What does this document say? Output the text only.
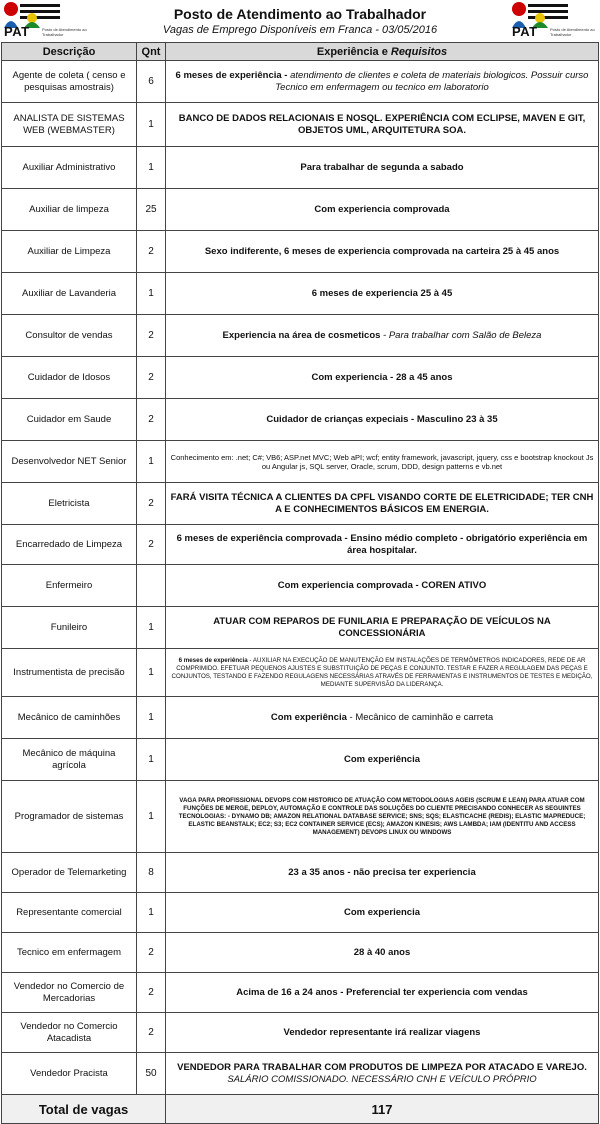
PAT	Posto de Atendimento ao Trabalhador
Posto de Atendimento ao Trabalhador
Vagas de Emprego Disponíveis em Franca - 03/05/2016	PAT	Posto de Atendimento ao Trabalhador
Descrição	Qnt	Experiência e Requisitos
Agente de coleta ( censo e pesquisas amostrais)	6	6 meses de experiência - atendimento de clientes e coleta de materiais biologicos. Possuir curso Tecnico em enfermagem ou tecnico em laboratorio
ANALISTA DE SISTEMAS WEB (WEBMASTER)	1	BANCO DE DADOS RELACIONAIS E NOSQL. EXPERIÊNCIA COM ECLIPSE, MAVEN E GIT, OBJETOS UML, ARQUITETURA SOA.
Auxiliar Administrativo	1	Para trabalhar de segunda a sabado
Auxiliar de limpeza	25	Com experiencia comprovada
Auxiliar de Limpeza	2	Sexo indiferente, 6 meses de experiencia comprovada na carteira 25 à 45 anos
Auxiliar de Lavanderia	1	6 meses de experiencia 25 à 45
Consultor de vendas	2	Experiencia na área de cosmeticos - Para trabalhar com Salão de Beleza
Cuidador de Idosos	2	Com experiencia - 28 a 45 anos
Cuidador em Saude	2	Cuidador de crianças expeciais - Masculino 23 à 35
Desenvolvedor NET Senior	1	Conhecimento em: .net; C#; VB6; ASP.net MVC; Web aPI; wcf; entity framework, javascript, jquery, css e bootstrap knockout Js ou Angular js, SQL server, Oracle, scrum, DDD, design patterns e vb.net
Eletricista	2	FARÁ VISITA TÉCNICA A CLIENTES DA CPFL VISANDO CORTE DE ELETRICIDADE; TER CNH A E CONHECIMENTOS BÁSICOS EM ENERGIA.
Encarredado de Limpeza	2	6 meses de experiência comprovada - Ensino médio completo - obrigatório experiência em área hospitalar.
Enfermeiro		Com experiencia comprovada - COREN ATIVO
Funileiro	1	ATUAR COM REPAROS DE FUNILARIA E PREPARAÇÃO DE VEÍCULOS NA CONCESSIONÁRIA
Instrumentista de precisão	1	6 meses de experiência - AUXILIAR NA EXECUÇÃO DE MANUTENÇÃO EM INSTALAÇÕES DE TERMÔMETROS INDICADORES, REDE DE AR COMPRIMIDO. EFETUAR PEQUENOS AJUSTES E SUBSTITUIÇÃO DE PEÇAS E CONJUNTO. TESTAR E FAZER A REGULAGEM DAS PEÇAS E CONJUNTOS, TESTANDO E FAZENDO REGULAGENS NECESSÁRIAS ATRAVÉS DE FERRAMENTAS E INSTRUMENTOS DE TESTES E MEDIÇÃO, MEDIANTE SUPERVISÃO DA LIDERANÇA.
Mecânico de caminhões	1	Com experiência - Mecânico de caminhão e carreta
Mecânico de máquina agrícola	1	Com experiência
Programador de sistemas	1	VAGA PARA PROFISSIONAL DEVOPS COM HISTORICO DE ATUAÇÃO COM METODOLOGIAS AGEIS (SCRUM E LEAN) PARA ATUAR COM FUNÇÕES DE MERGE, DEPLOY, AUTOMAÇÃO E CONTROLE DAS SOLUÇÕES DO CLIENTE PRECISANDO CONHECER AS SEGUINTES TECNOLOGIAS: - DYNAMO DB; AMAZON RELATIONAL DATABASE SERVICE; SNS; SQS; ELASTICACHE (REDIS); ELASTIC MAPREDUCE; ELASTIC BEANSTALK; EC2; S3; EC2 CONTAINER SERVICE (ECS); AMAZON KINESIS; AWS LAMBDA; IAM (IDENTITU AND ACCESS MANAGEMENT) DEVOPS LINUX OU WINDOWS
Operador de Telemarketing	8	23 a 35 anos - não precisa ter experiencia
Representante comercial	1	Com experiencia
Tecnico em enfermagem	2	28 à 40 anos
Vendedor no Comercio de Mercadorias	2	Acima de 16 a 24 anos - Preferencial ter experiencia com vendas
Vendedor no Comercio Atacadista	2	Vendedor representante irá realizar viagens
Vendedor Pracista	50	VENDEDOR PARA TRABALHAR COM PRODUTOS DE LIMPEZA POR ATACADO E VAREJO. SALÁRIO COMISSIONADO. NECESSÁRIO CNH E VEÍCULO PRÓPRIO
Total de vagas		117
